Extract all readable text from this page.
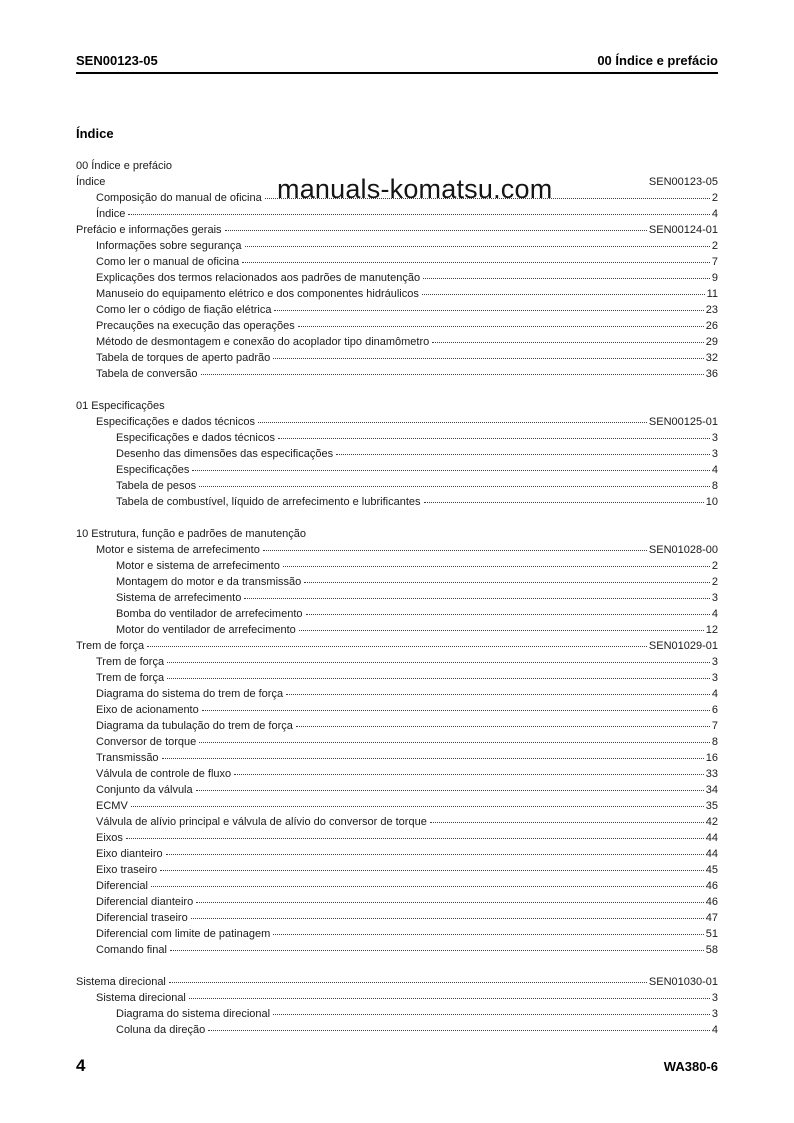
SEN00123-05	00 Índice e prefácio
Índice
manuals-komatsu.com
00 Índice e prefácio
Índice	SEN00123-05
Composição do manual de oficina	2
Índice	4
Prefácio e informações gerais	SEN00124-01
Informações sobre segurança	2
Como ler o manual de oficina	7
Explicações dos termos relacionados aos padrões de manutenção	9
Manuseio do equipamento elétrico e dos componentes hidráulicos	11
Como ler o código de fiação elétrica	23
Precauções na execução das operações	26
Método de desmontagem e conexão do acoplador tipo dinamômetro	29
Tabela de torques de aperto padrão	32
Tabela de conversão	36
01 Especificações
Especificações e dados técnicos	SEN00125-01
Especificações e dados técnicos	3
Desenho das dimensões das especificações	3
Especificações	4
Tabela de pesos	8
Tabela de combustível, líquido de arrefecimento e lubrificantes	10
10 Estrutura, função e padrões de manutenção
Motor e sistema de arrefecimento	SEN01028-00
Motor e sistema de arrefecimento	2
Montagem do motor e da transmissão	2
Sistema de arrefecimento	3
Bomba do ventilador de arrefecimento	4
Motor do ventilador de arrefecimento	12
Trem de força	SEN01029-01
Trem de força	3
Trem de força	3
Diagrama do sistema do trem de força	4
Eixo de acionamento	6
Diagrama da tubulação do trem de força	7
Conversor de torque	8
Transmissão	16
Válvula de controle de fluxo	33
Conjunto da válvula	34
ECMV	35
Válvula de alívio principal e válvula de alívio do conversor de torque	42
Eixos	44
Eixo dianteiro	44
Eixo traseiro	45
Diferencial	46
Diferencial dianteiro	46
Diferencial traseiro	47
Diferencial com limite de patinagem	51
Comando final	58
Sistema direcional	SEN01030-01
Sistema direcional	3
Diagrama do sistema direcional	3
Coluna da direção	4
4	WA380-6
